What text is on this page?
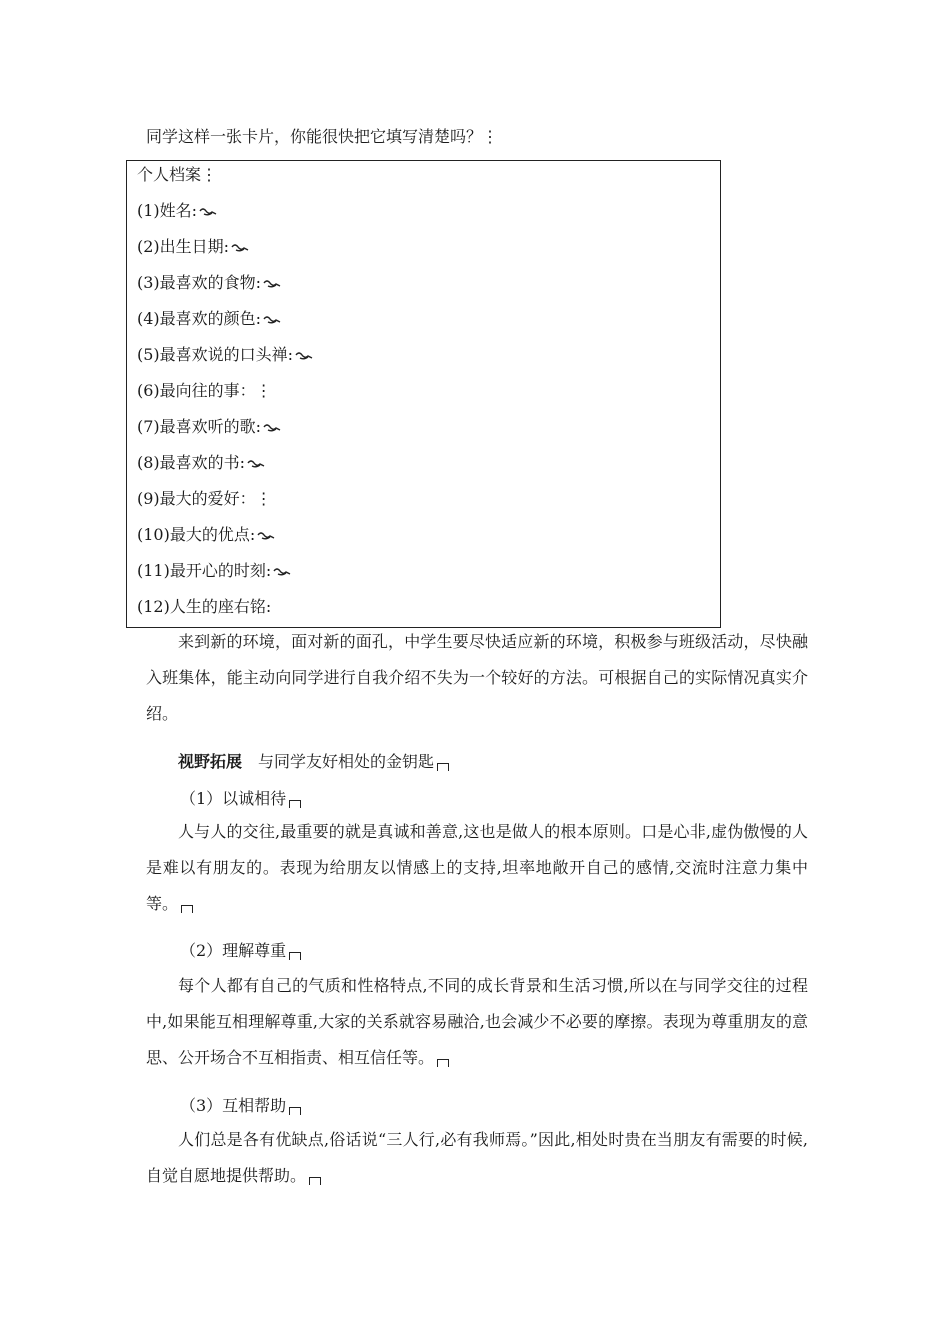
同学这样一张卡片，你能很快把它填写清楚吗？⋮
个人档案⋮
(1)姓名:
(2)出生日期:
(3)最喜欢的食物:
(4)最喜欢的颜色:
(5)最喜欢说的口头禅:
(6)最向往的事：⋮
(7)最喜欢听的歌:
(8)最喜欢的书:
(9)最大的爱好：⋮
(10)最大的优点:
(11)最开心的时刻:
(12)人生的座右铭:

来到新的环境，面对新的面孔，中学生要尽快适应新的环境，积极参与班级活动，尽快融入班集体，能主动向同学进行自我介绍不失为一个较好的方法。可根据自己的实际情况真实介绍。

视野拓展 与同学友好相处的金钥匙
（1）以诚相待

人与人的交往,最重要的就是真诚和善意,这也是做人的根本原则。口是心非,虚伪傲慢的人是难以有朋友的。表现为给朋友以情感上的支持,坦率地敞开自己的感情,交流时注意力集中等。

（2）理解尊重

每个人都有自己的气质和性格特点,不同的成长背景和生活习惯,所以在与同学交往的过程中,如果能互相理解尊重,大家的关系就容易融洽,也会减少不必要的摩擦。表现为尊重朋友的意思、公开场合不互相指责、相互信任等。

（3）互相帮助

人们总是各有优缺点,俗话说“三人行,必有我师焉。”因此,相处时贵在当朋友有需要的时候,自觉自愿地提供帮助。
